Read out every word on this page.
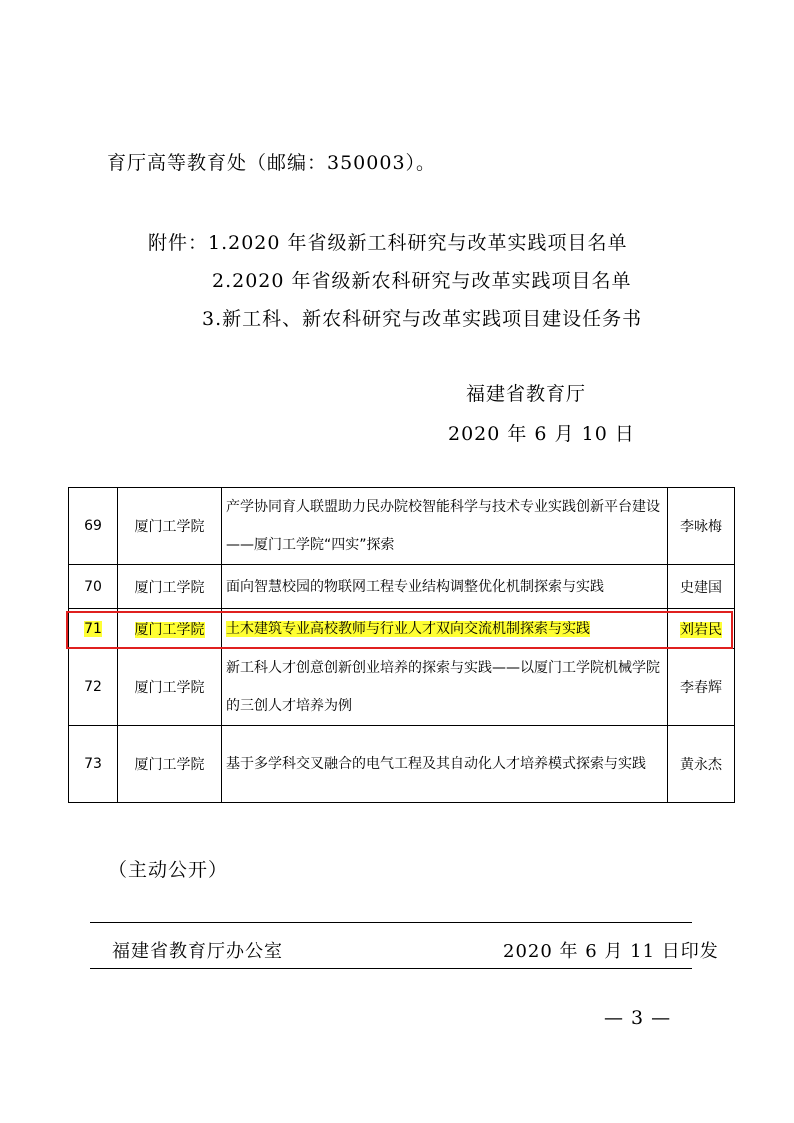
育厅高等教育处（邮编：350003）。
附件：1.2020 年省级新工科研究与改革实践项目名单
2.2020 年省级新农科研究与改革实践项目名单
3.新工科、新农科研究与改革实践项目建设任务书
福建省教育厅
2020 年 6 月 10 日
69	厦门工学院	产学协同育人联盟助力民办院校智能科学与技术专业实践创新平台建设——厦门工学院“四实”探索	李咏梅
70	厦门工学院	面向智慧校园的物联网工程专业结构调整优化机制探索与实践	史建国
71	厦门工学院	土木建筑专业高校教师与行业人才双向交流机制探索与实践	刘岩民
72	厦门工学院	新工科人才创意创新创业培养的探索与实践——以厦门工学院机械学院的三创人才培养为例	李春辉
73	厦门工学院	基于多学科交叉融合的电气工程及其自动化人才培养模式探索与实践	黄永杰
（主动公开）
福建省教育厅办公室	2020 年 6 月 11 日印发
— 3 —
